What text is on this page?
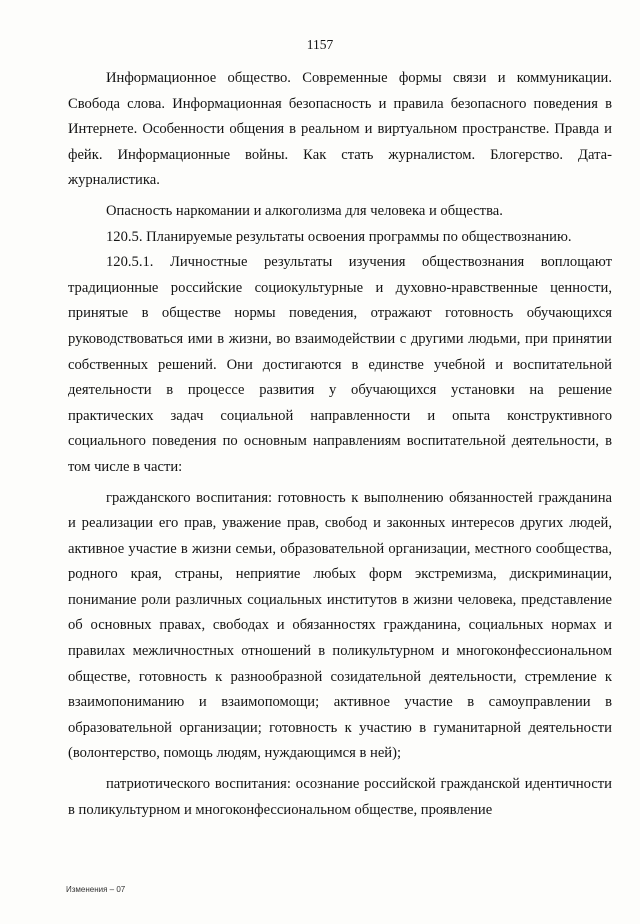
1157

Информационное общество. Современные формы связи и коммуникации. Свобода слова. Информационная безопасность и правила безопасного поведения в Интернете. Особенности общения в реальном и виртуальном пространстве. Правда и фейк. Информационные войны. Как стать журналистом. Блогерство. Дата-журналистика.

Опасность наркомании и алкоголизма для человека и общества.

120.5. Планируемые результаты освоения программы по обществознанию.

120.5.1. Личностные результаты изучения обществознания воплощают традиционные российские социокультурные и духовно-нравственные ценности, принятые в обществе нормы поведения, отражают готовность обучающихся руководствоваться ими в жизни, во взаимодействии с другими людьми, при принятии собственных решений. Они достигаются в единстве учебной и воспитательной деятельности в процессе развития у обучающихся установки на решение практических задач социальной направленности и опыта конструктивного социального поведения по основным направлениям воспитательной деятельности, в том числе в части:

гражданского воспитания: готовность к выполнению обязанностей гражданина и реализации его прав, уважение прав, свобод и законных интересов других людей, активное участие в жизни семьи, образовательной организации, местного сообщества, родного края, страны, неприятие любых форм экстремизма, дискриминации, понимание роли различных социальных институтов в жизни человека, представление об основных правах, свободах и обязанностях гражданина, социальных нормах и правилах межличностных отношений в поликультурном и многоконфессиональном обществе, готовность к разнообразной созидательной деятельности, стремление к взаимопониманию и взаимопомощи; активное участие в самоуправлении в образовательной организации; готовность к участию в гуманитарной деятельности (волонтерство, помощь людям, нуждающимся в ней);

патриотического воспитания: осознание российской гражданской идентичности в поликультурном и многоконфессиональном обществе, проявление

Изменения – 07
